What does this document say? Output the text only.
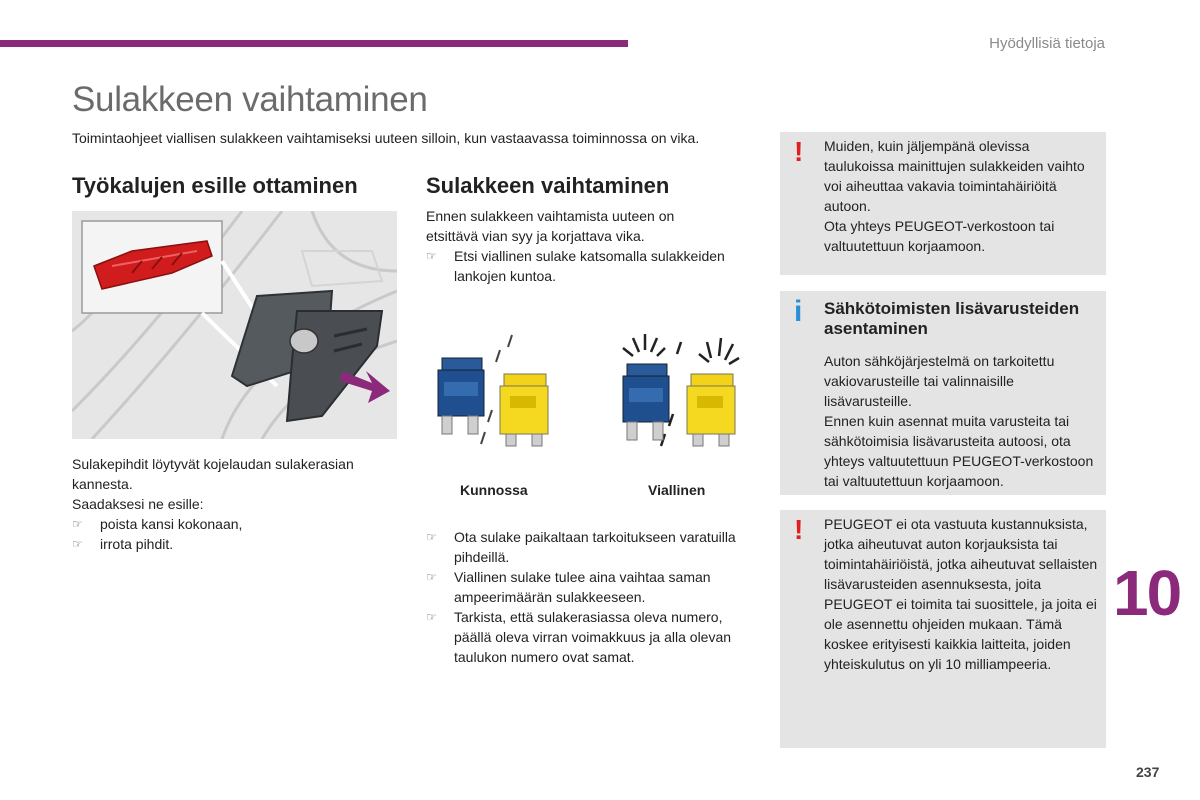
Hyödyllisiä tietoja
Sulakkeen vaihtaminen

Toimintaohjeet viallisen sulakkeen vaihtamiseksi uuteen silloin, kun vastaavassa toiminnossa on vika.

Työkalujen esille ottaminen	Sulakkeen vaihtaminen

Sulakepihdit löytyvät kojelaudan sulakerasian kannesta.

Saadaksesi ne esille:

☞ poista kansi kokonaan,
☞ irrota pihdit.

Ennen sulakkeen vaihtamista uuteen on etsittävä vian syy ja korjattava vika.

☞ Etsi viallinen sulake katsomalla sulakkeiden lankojen kuntoa.
Kunnossa	Viallinen
☞ Ota sulake paikaltaan tarkoitukseen varatuilla pihdeillä.
☞ Viallinen sulake tulee aina vaihtaa saman ampeerimäärän sulakkeeseen.
☞ Tarkista, että sulakerasiassa oleva numero, päällä oleva virran voimakkuus ja alla olevan taulukon numero ovat samat.
! Muiden, kuin jäljempänä olevissa taulukoissa mainittujen sulakkeiden vaihto voi aiheuttaa vakavia toimintahäiriöitä autoon.

Ota yhteys PEUGEOT-verkostoon tai valtuutettuun korjaamoon.

i Sähkötoimisten lisävarusteiden asentaminen

Auton sähköjärjestelmä on tarkoitettu vakiovarusteille tai valinnaisille lisävarusteille.

Ennen kuin asennat muita varusteita tai sähkötoimisia lisävarusteita autoosi, ota yhteys valtuutettuun PEUGEOT-verkostoon tai valtuutettuun korjaamoon.

! PEUGEOT ei ota vastuuta kustannuksista, jotka aiheutuvat auton korjauksista tai toimintahäiriöistä, jotka aiheutuvat sellaisten lisävarusteiden asennuksesta, joita PEUGEOT ei toimita tai suosittele, ja joita ei ole asennettu ohjeiden mukaan. Tämä koskee erityisesti kaikkia laitteita, joiden yhteiskulutus on yli 10 milliampeeria.
10
237
